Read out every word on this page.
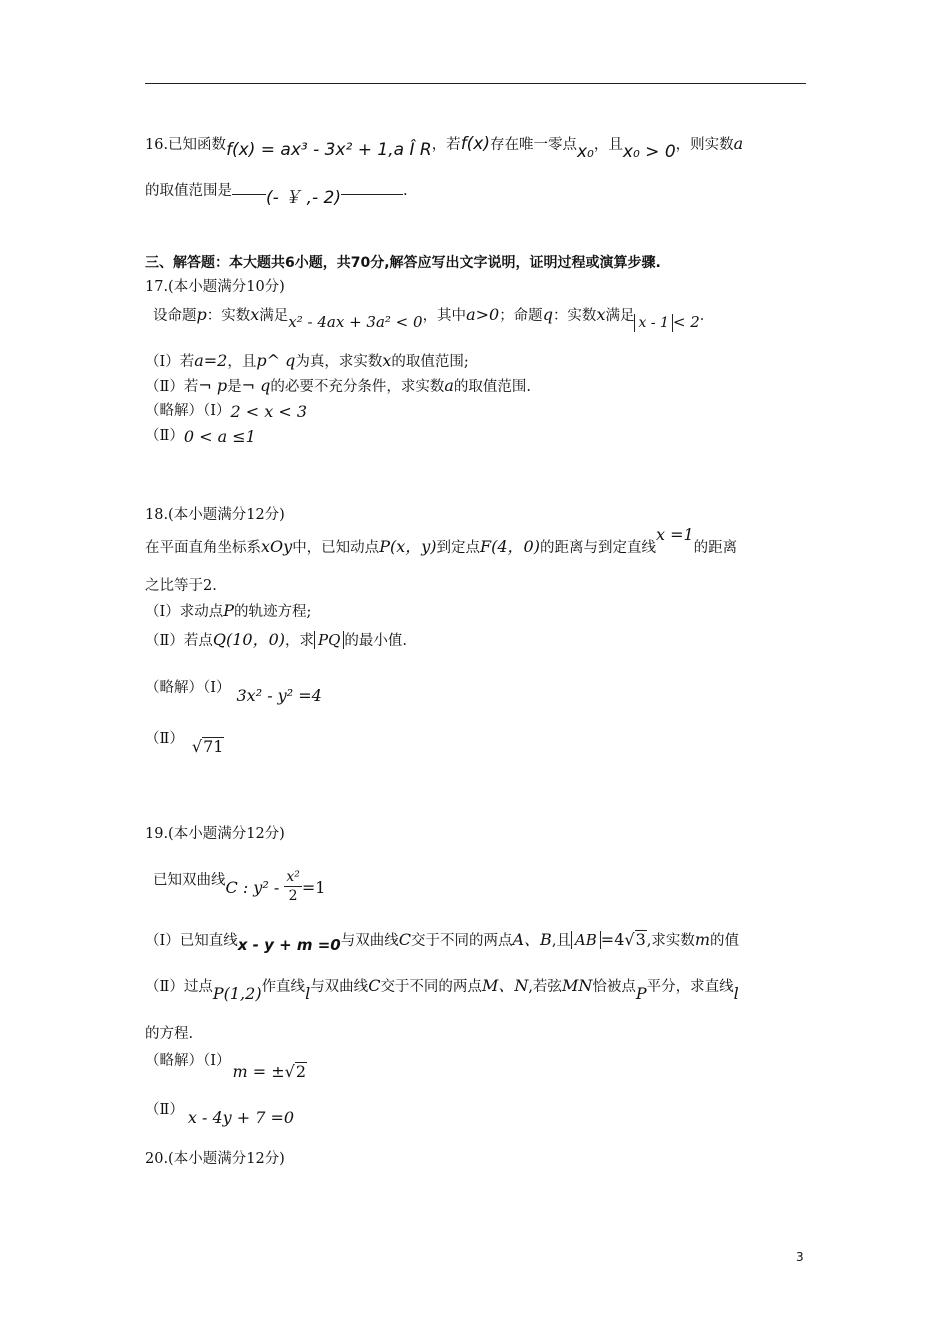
16.已知函数f(x) = ax³ - 3x² + 1,a Î R，若f(x)存在唯一零点x₀，且x₀ > 0，则实数a
的取值范围是 (- ￥ ,- 2)	.
三、解答题：本大题共6小题，共70分,解答应写出文字说明，证明过程或演算步骤.
17.(本小题满分10分)
设命题p：实数x满足x² - 4ax + 3a² < 0，其中a>0；命题q：实数x满足 x - 1 < 2．
（Ⅰ）若a=2，且p^ q为真，求实数x的取值范围;
（Ⅱ）若¬ p是¬ q的必要不充分条件，求实数a的取值范围.
（略解）（Ⅰ）2 < x < 3
（Ⅱ）0 < a ≤1
18.(本小题满分12分)
在平面直角坐标系xOy中，已知动点P(x，y)到定点F(4，0)的距离与到定直线x =1的距离
之比等于2.
（Ⅰ）求动点P的轨迹方程;
（Ⅱ）若点Q(10，0)，求 PQ 的最小值.
（略解）（Ⅰ） 3x² - y² =4
（Ⅱ） √71
19.(本小题满分12分)
已知双曲线C : $y^2 - \frac{\text{x²}}{2} =1$
（Ⅰ）已知直线x - y + m =0与双曲线C交于不同的两点A、B,且 AB =4√3,求实数m的值
（Ⅱ）过点P(1,2)作直线l与双曲线C交于不同的两点M、N,若弦MN恰被点P平分，求直线l
的方程.
（略解）（Ⅰ）m = ±√2
（Ⅱ） x - 4y + 7 =0
20.(本小题满分12分)
3
